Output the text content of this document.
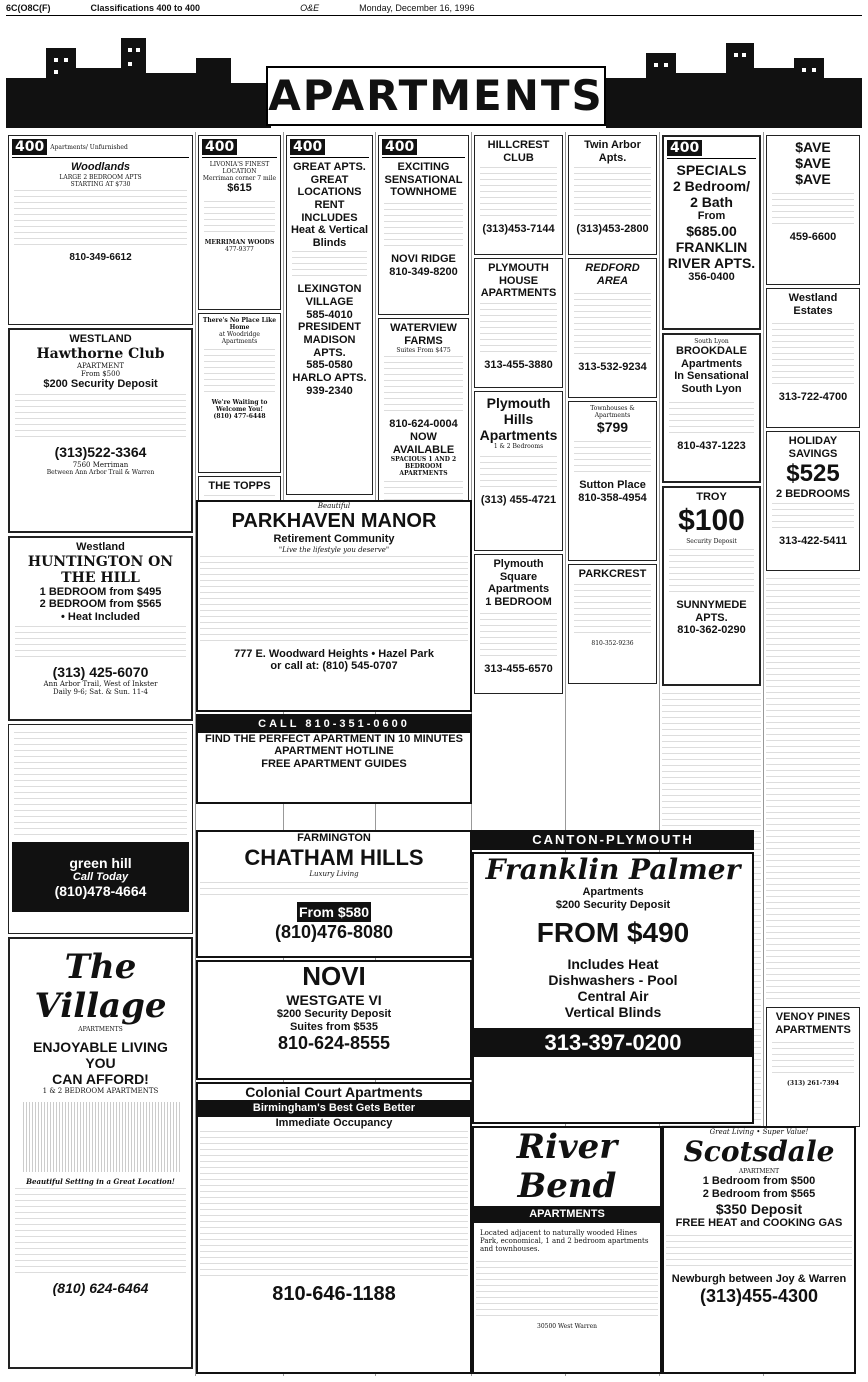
6C(O8C(F)	Classifications 400 to 400	O&E	Monday, December 16, 1996
APARTMENTS
400	Apartments/ Unfurnished
Woodlands
LARGE 2 BEDROOM APTS
STARTING AT $730
810-349-6612
WESTLAND
Hawthorne Club
APARTMENT
From $500
$200 Security Deposit
(313)522-3364
7560 Merriman
Between Ann Arbor Trail & Warren
Westland
HUNTINGTON ON THE HILL
1 BEDROOM from $495
2 BEDROOM from $565
• Heat Included
(313) 425-6070
Ann Arbor Trail, West of Inkster
Daily 9-6; Sat. & Sun. 11-4
green hill
Call Today
(810)478-4664
The Village
APARTMENTS
ENJOYABLE LIVING
YOU
CAN AFFORD!
1 & 2 BEDROOM APARTMENTS
Beautiful Setting in a Great Location!
(810) 624-6464
400
LIVONIA'S FINEST LOCATION
Merriman corner 7 mile
$615
MERRIMAN WOODS
477-9377
There's No Place Like Home
at Woodridge Apartments
We're Waiting to Welcome You!
(810) 477-6448
THE TOPPS
400
GREAT APTS.
GREAT LOCATIONS
RENT INCLUDES
Heat & Vertical Blinds
LEXINGTON VILLAGE
585-4010
PRESIDENT MADISON APTS.
585-0580
HARLO APTS.
939-2340
400
EXCITING SENSATIONAL TOWNHOME
NOVI RIDGE
810-349-8200
WATERVIEW FARMS
Suites From $475
810-624-0004
NOW AVAILABLE
SPACIOUS 1 AND 2 BEDROOM APARTMENTS
HILLCREST CLUB
(313)453-7144
PLYMOUTH HOUSE APARTMENTS
313-455-3880
Plymouth Hills Apartments
1 & 2 Bedrooms
(313) 455-4721
Plymouth Square Apartments
1 BEDROOM
313-455-6570
Twin Arbor Apts.
(313)453-2800
REDFORD AREA
313-532-9234
Townhouses & Apartments
$799
Sutton Place
810-358-4954
PARKCREST
810-352-9236
400
SPECIALS
2 Bedroom/
2 Bath
From
$685.00
FRANKLIN RIVER APTS.
356-0400
South Lyon
BROOKDALE Apartments
In Sensational South Lyon
810-437-1223
TROY
$100
Security Deposit
SUNNYMEDE APTS.
810-362-0290
$AVE
$AVE
$AVE
459-6600
Westland Estates
313-722-4700
HOLIDAY SAVINGS
$525
2 BEDROOMS
313-422-5411
VENOY PINES APARTMENTS
(313) 261-7394
Beautiful
PARKHAVEN MANOR
Retirement Community
"Live the lifestyle you deserve"
777 E. Woodward Heights • Hazel Park
or call at: (810) 545-0707
CALL 810-351-0600
FIND THE PERFECT APARTMENT IN 10 MINUTES
APARTMENT HOTLINE
FREE APARTMENT GUIDES
FARMINGTON
CHATHAM HILLS
Luxury Living
From $580
(810)476-8080
NOVI
WESTGATE VI
$200 Security Deposit
Suites from $535
810-624-8555
Colonial Court Apartments
Birmingham's Best Gets Better
Immediate Occupancy
810-646-1188
CANTON-PLYMOUTH
Franklin Palmer
Apartments
$200 Security Deposit
FROM $490
Includes Heat
Dishwashers - Pool
Central Air
Vertical Blinds
313-397-0200
River Bend
APARTMENTS
Located adjacent to naturally wooded Hines Park, economical, 1 and 2 bedroom apartments and townhouses.
30500 West Warren
Great Living • Super Value!
Scotsdale
APARTMENT
1 Bedroom from $500
2 Bedroom from $565
$350 Deposit
FREE HEAT and COOKING GAS
Newburgh between Joy & Warren
(313)455-4300
